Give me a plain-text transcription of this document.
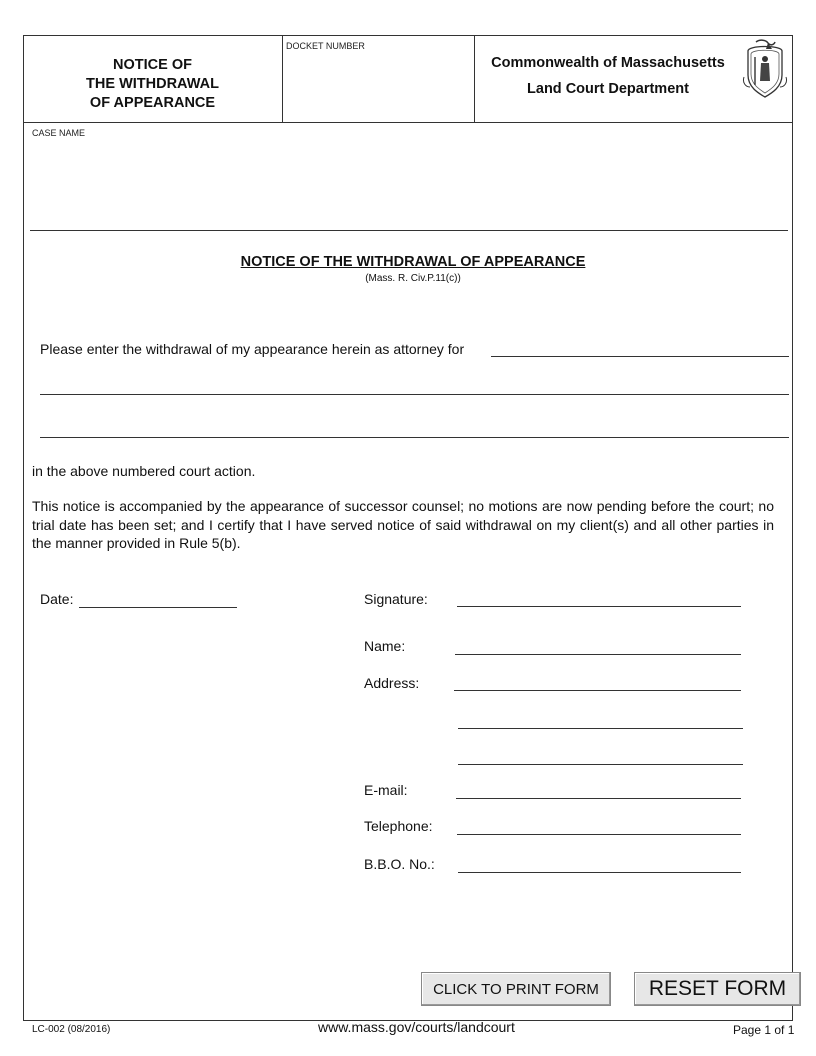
NOTICE OF
THE WITHDRAWAL
OF APPEARANCE
DOCKET NUMBER
Commonwealth of Massachusetts
Land Court Department
CASE NAME
NOTICE OF THE WITHDRAWAL OF APPEARANCE
(Mass. R. Civ.P.11(c))
Please enter the withdrawal of my appearance herein as attorney for
in the above numbered court action.
This notice is accompanied by the appearance of successor counsel; no motions are now pending before the court; no trial date has been set; and I certify that I have served notice of said withdrawal on my client(s) and all other parties in the manner provided in Rule 5(b).
Date:	Signature:
Name:
Address:
E-mail:
Telephone:
B.B.O. No.:
CLICK TO PRINT FORM	RESET FORM
LC-002 (08/2016)	www.mass.gov/courts/landcourt	Page 1 of 1
